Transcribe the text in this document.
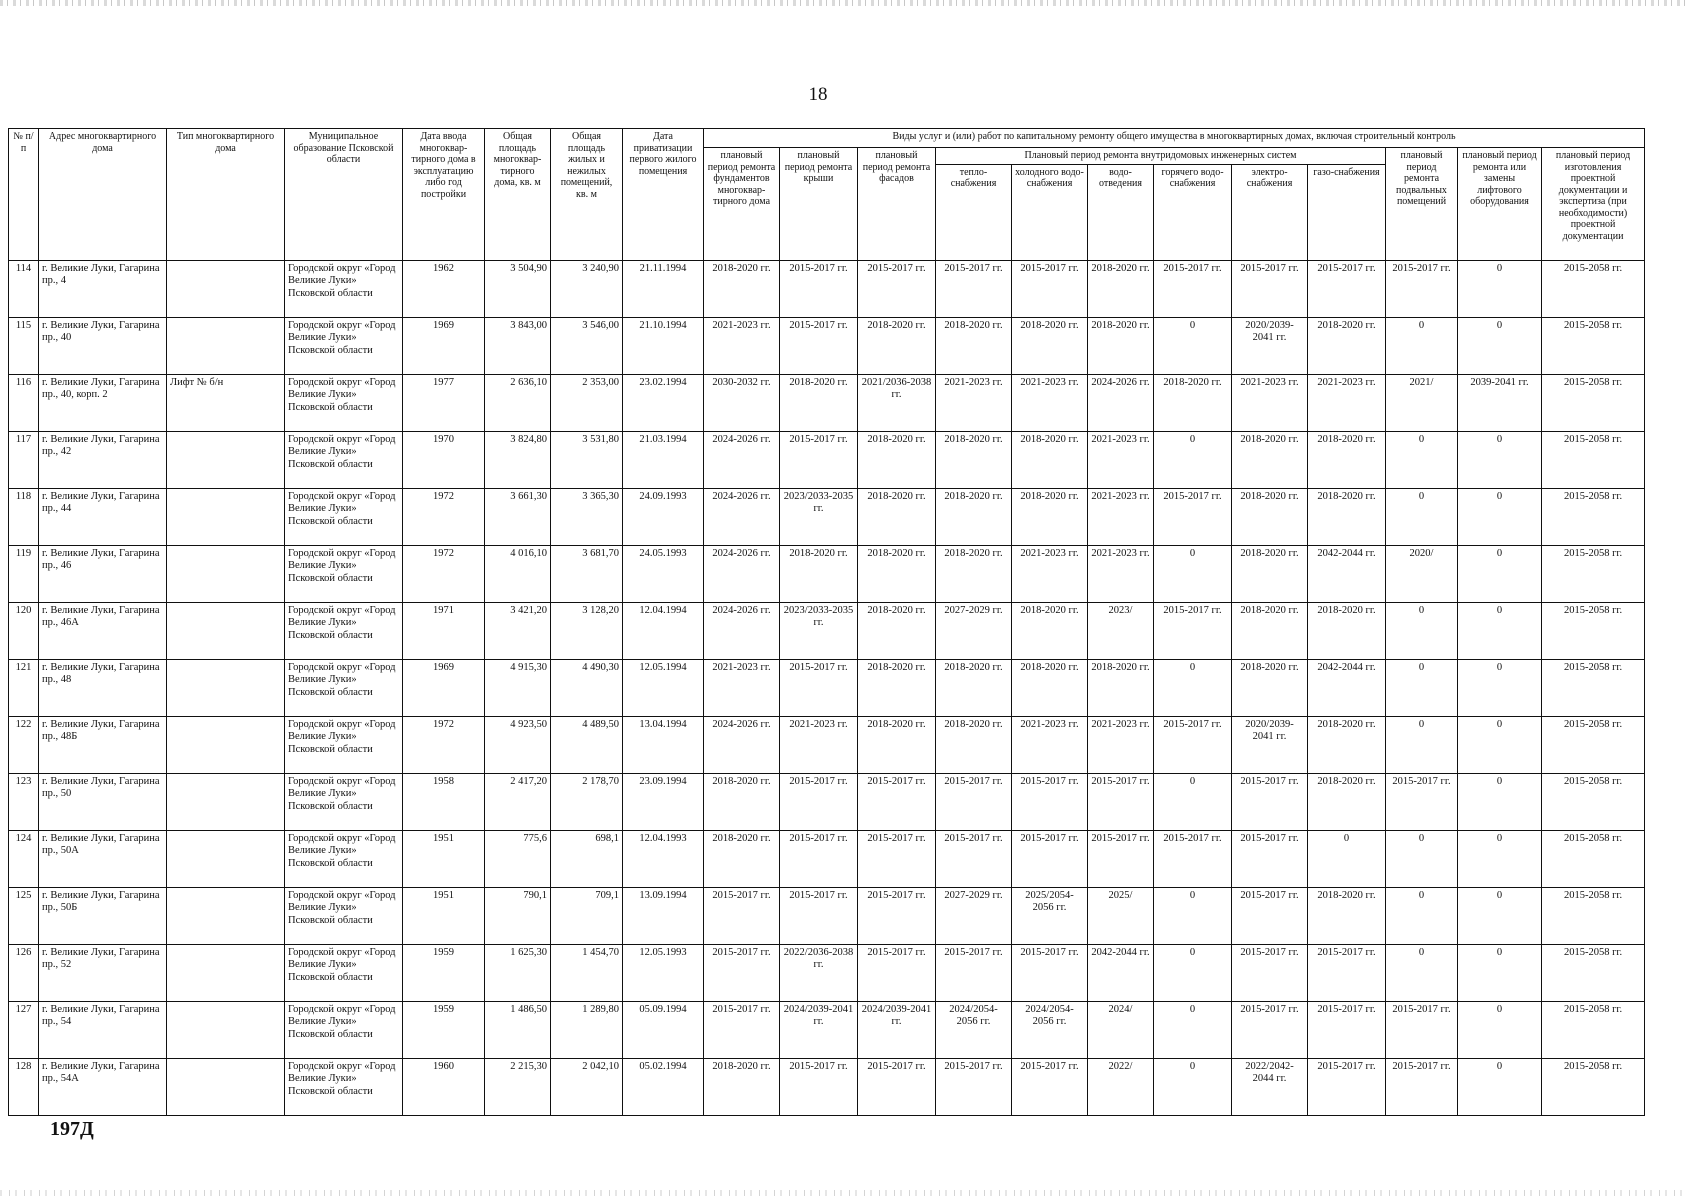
18
№ п/п	Адрес многоквартирного дома	Тип многоквартирного дома	Муниципальное образование Псковской области	Дата ввода многоквар-тирного дома в эксплуатацию либо год постройки	Общая площадь многоквар-тирного дома, кв. м	Общая площадь жилых и нежилых помещений, кв. м	Дата приватизации первого жилого помещения	Виды услуг и (или) работ по капитальному ремонту общего имущества в многоквартирных домах, включая строительный контроль											
								плановый период ремонта фундаментов многоквар-тирного дома	плановый период ремонта крыши	плановый период ремонта фасадов	Плановый период ремонта внутридомовых инженерных систем						плановый период ремонта подвальных помещений	плановый период ремонта или замены лифтового оборудования	плановый период изготовления проектной документации и экспертиза (при необходимости) проектной документации
											тепло-снабжения	холодного водо-снабжения	водо-отведения	горячего водо-снабжения	электро-снабжения	газо-снабжения			
114	г. Великие Луки, Гагарина пр., 4		Городской округ «Город Великие Луки» Псковской области	1962	3 504,90	3 240,90	21.11.1994	2018-2020 гг.	2015-2017 гг.	2015-2017 гг.	2015-2017 гг.	2015-2017 гг.	2018-2020 гг.	2015-2017 гг.	2015-2017 гг.	2015-2017 гг.	2015-2017 гг.	0	2015-2058 гг.
115	г. Великие Луки, Гагарина пр., 40		Городской округ «Город Великие Луки» Псковской области	1969	3 843,00	3 546,00	21.10.1994	2021-2023 гг.	2015-2017 гг.	2018-2020 гг.	2018-2020 гг.	2018-2020 гг.	2018-2020 гг.	0	2020/2039-2041 гг.	2018-2020 гг.	0	0	2015-2058 гг.
116	г. Великие Луки, Гагарина пр., 40, корп. 2	Лифт № б/н	Городской округ «Город Великие Луки» Псковской области	1977	2 636,10	2 353,00	23.02.1994	2030-2032 гг.	2018-2020 гг.	2021/2036-2038 гг.	2021-2023 гг.	2021-2023 гг.	2024-2026 гг.	2018-2020 гг.	2021-2023 гг.	2021-2023 гг.	2021/	2039-2041 гг.	2015-2058 гг.
117	г. Великие Луки, Гагарина пр., 42		Городской округ «Город Великие Луки» Псковской области	1970	3 824,80	3 531,80	21.03.1994	2024-2026 гг.	2015-2017 гг.	2018-2020 гг.	2018-2020 гг.	2018-2020 гг.	2021-2023 гг.	0	2018-2020 гг.	2018-2020 гг.	0	0	2015-2058 гг.
118	г. Великие Луки, Гагарина пр., 44		Городской округ «Город Великие Луки» Псковской области	1972	3 661,30	3 365,30	24.09.1993	2024-2026 гг.	2023/2033-2035 гг.	2018-2020 гг.	2018-2020 гг.	2018-2020 гг.	2021-2023 гг.	2015-2017 гг.	2018-2020 гг.	2018-2020 гг.	0	0	2015-2058 гг.
119	г. Великие Луки, Гагарина пр., 46		Городской округ «Город Великие Луки» Псковской области	1972	4 016,10	3 681,70	24.05.1993	2024-2026 гг.	2018-2020 гг.	2018-2020 гг.	2018-2020 гг.	2021-2023 гг.	2021-2023 гг.	0	2018-2020 гг.	2042-2044 гг.	2020/	0	2015-2058 гг.
120	г. Великие Луки, Гагарина пр., 46А		Городской округ «Город Великие Луки» Псковской области	1971	3 421,20	3 128,20	12.04.1994	2024-2026 гг.	2023/2033-2035 гг.	2018-2020 гг.	2027-2029 гг.	2018-2020 гг.	2023/	2015-2017 гг.	2018-2020 гг.	2018-2020 гг.	0	0	2015-2058 гг.
121	г. Великие Луки, Гагарина пр., 48		Городской округ «Город Великие Луки» Псковской области	1969	4 915,30	4 490,30	12.05.1994	2021-2023 гг.	2015-2017 гг.	2018-2020 гг.	2018-2020 гг.	2018-2020 гг.	2018-2020 гг.	0	2018-2020 гг.	2042-2044 гг.	0	0	2015-2058 гг.
122	г. Великие Луки, Гагарина пр., 48Б		Городской округ «Город Великие Луки» Псковской области	1972	4 923,50	4 489,50	13.04.1994	2024-2026 гг.	2021-2023 гг.	2018-2020 гг.	2018-2020 гг.	2021-2023 гг.	2021-2023 гг.	2015-2017 гг.	2020/2039-2041 гг.	2018-2020 гг.	0	0	2015-2058 гг.
123	г. Великие Луки, Гагарина пр., 50		Городской округ «Город Великие Луки» Псковской области	1958	2 417,20	2 178,70	23.09.1994	2018-2020 гг.	2015-2017 гг.	2015-2017 гг.	2015-2017 гг.	2015-2017 гг.	2015-2017 гг.	0	2015-2017 гг.	2018-2020 гг.	2015-2017 гг.	0	2015-2058 гг.
124	г. Великие Луки, Гагарина пр., 50А		Городской округ «Город Великие Луки» Псковской области	1951	775,6	698,1	12.04.1993	2018-2020 гг.	2015-2017 гг.	2015-2017 гг.	2015-2017 гг.	2015-2017 гг.	2015-2017 гг.	2015-2017 гг.	2015-2017 гг.	0	0	0	2015-2058 гг.
125	г. Великие Луки, Гагарина пр., 50Б		Городской округ «Город Великие Луки» Псковской области	1951	790,1	709,1	13.09.1994	2015-2017 гг.	2015-2017 гг.	2015-2017 гг.	2027-2029 гг.	2025/2054-2056 гг.	2025/	0	2015-2017 гг.	2018-2020 гг.	0	0	2015-2058 гг.
126	г. Великие Луки, Гагарина пр., 52		Городской округ «Город Великие Луки» Псковской области	1959	1 625,30	1 454,70	12.05.1993	2015-2017 гг.	2022/2036-2038 гг.	2015-2017 гг.	2015-2017 гг.	2015-2017 гг.	2042-2044 гг.	0	2015-2017 гг.	2015-2017 гг.	0	0	2015-2058 гг.
127	г. Великие Луки, Гагарина пр., 54		Городской округ «Город Великие Луки» Псковской области	1959	1 486,50	1 289,80	05.09.1994	2015-2017 гг.	2024/2039-2041 гг.	2024/2039-2041 гг.	2024/2054-2056 гг.	2024/2054-2056 гг.	2024/	0	2015-2017 гг.	2015-2017 гг.	2015-2017 гг.	0	2015-2058 гг.
128	г. Великие Луки, Гагарина пр., 54А		Городской округ «Город Великие Луки» Псковской области	1960	2 215,30	2 042,10	05.02.1994	2018-2020 гг.	2015-2017 гг.	2015-2017 гг.	2015-2017 гг.	2015-2017 гг.	2022/	0	2022/2042-2044 гг.	2015-2017 гг.	2015-2017 гг.	0	2015-2058 гг.
197Д
